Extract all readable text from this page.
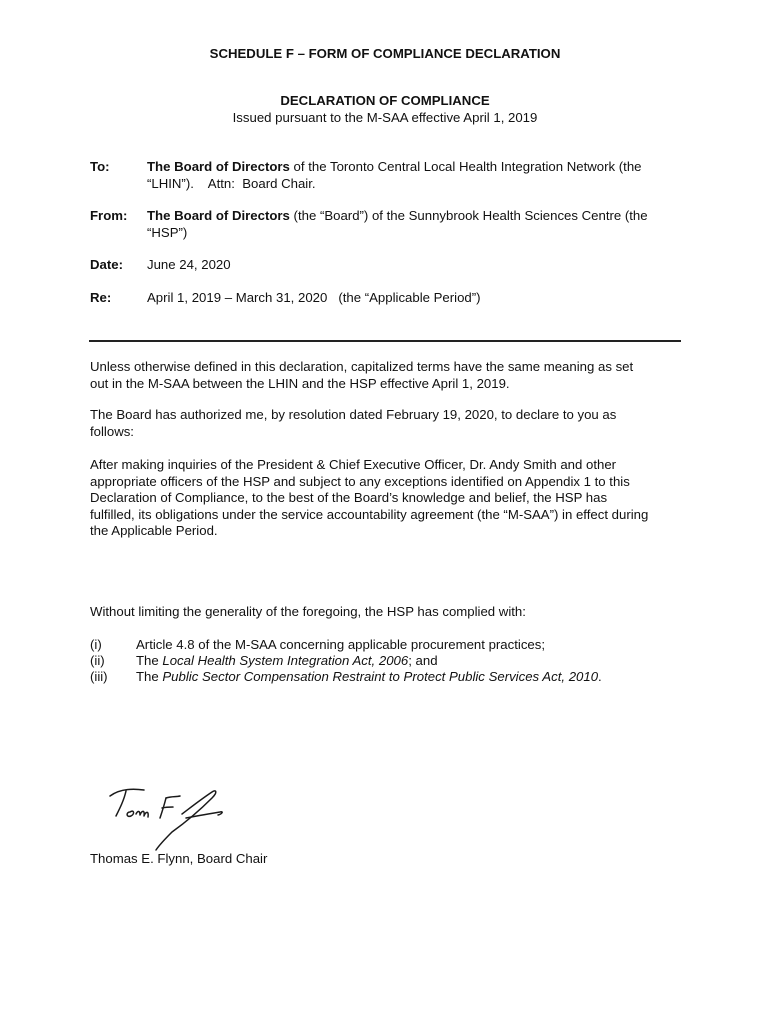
SCHEDULE F – FORM OF COMPLIANCE DECLARATION
DECLARATION OF COMPLIANCE
Issued pursuant to the M-SAA effective April 1, 2019
To:	The Board of Directors of the Toronto Central Local Health Integration Network (the
“LHIN”).    Attn:  Board Chair.
From: The Board of Directors (the “Board”) of the Sunnybrook Health Sciences Centre (the
“HSP”)
Date: June 24, 2020
Re:	April 1, 2019 – March 31, 2020   (the “Applicable Period”)
Unless otherwise defined in this declaration, capitalized terms have the same meaning as set
out in the M-SAA between the LHIN and the HSP effective April 1, 2019.
The Board has authorized me, by resolution dated February 19, 2020, to declare to you as
follows:
After making inquiries of the President & Chief Executive Officer, Dr. Andy Smith and other
appropriate officers of the HSP and subject to any exceptions identified on Appendix 1 to this
Declaration of Compliance, to the best of the Board’s knowledge and belief, the HSP has
fulfilled, its obligations under the service accountability agreement (the “M-SAA”) in effect during
the Applicable Period.
Without limiting the generality of the foregoing, the HSP has complied with:
(i)	Article 4.8 of the M-SAA concerning applicable procurement practices;
(ii) The Local Health System Integration Act, 2006; and
(iii) The Public Sector Compensation Restraint to Protect Public Services Act, 2010.
Thomas E. Flynn, Board Chair
